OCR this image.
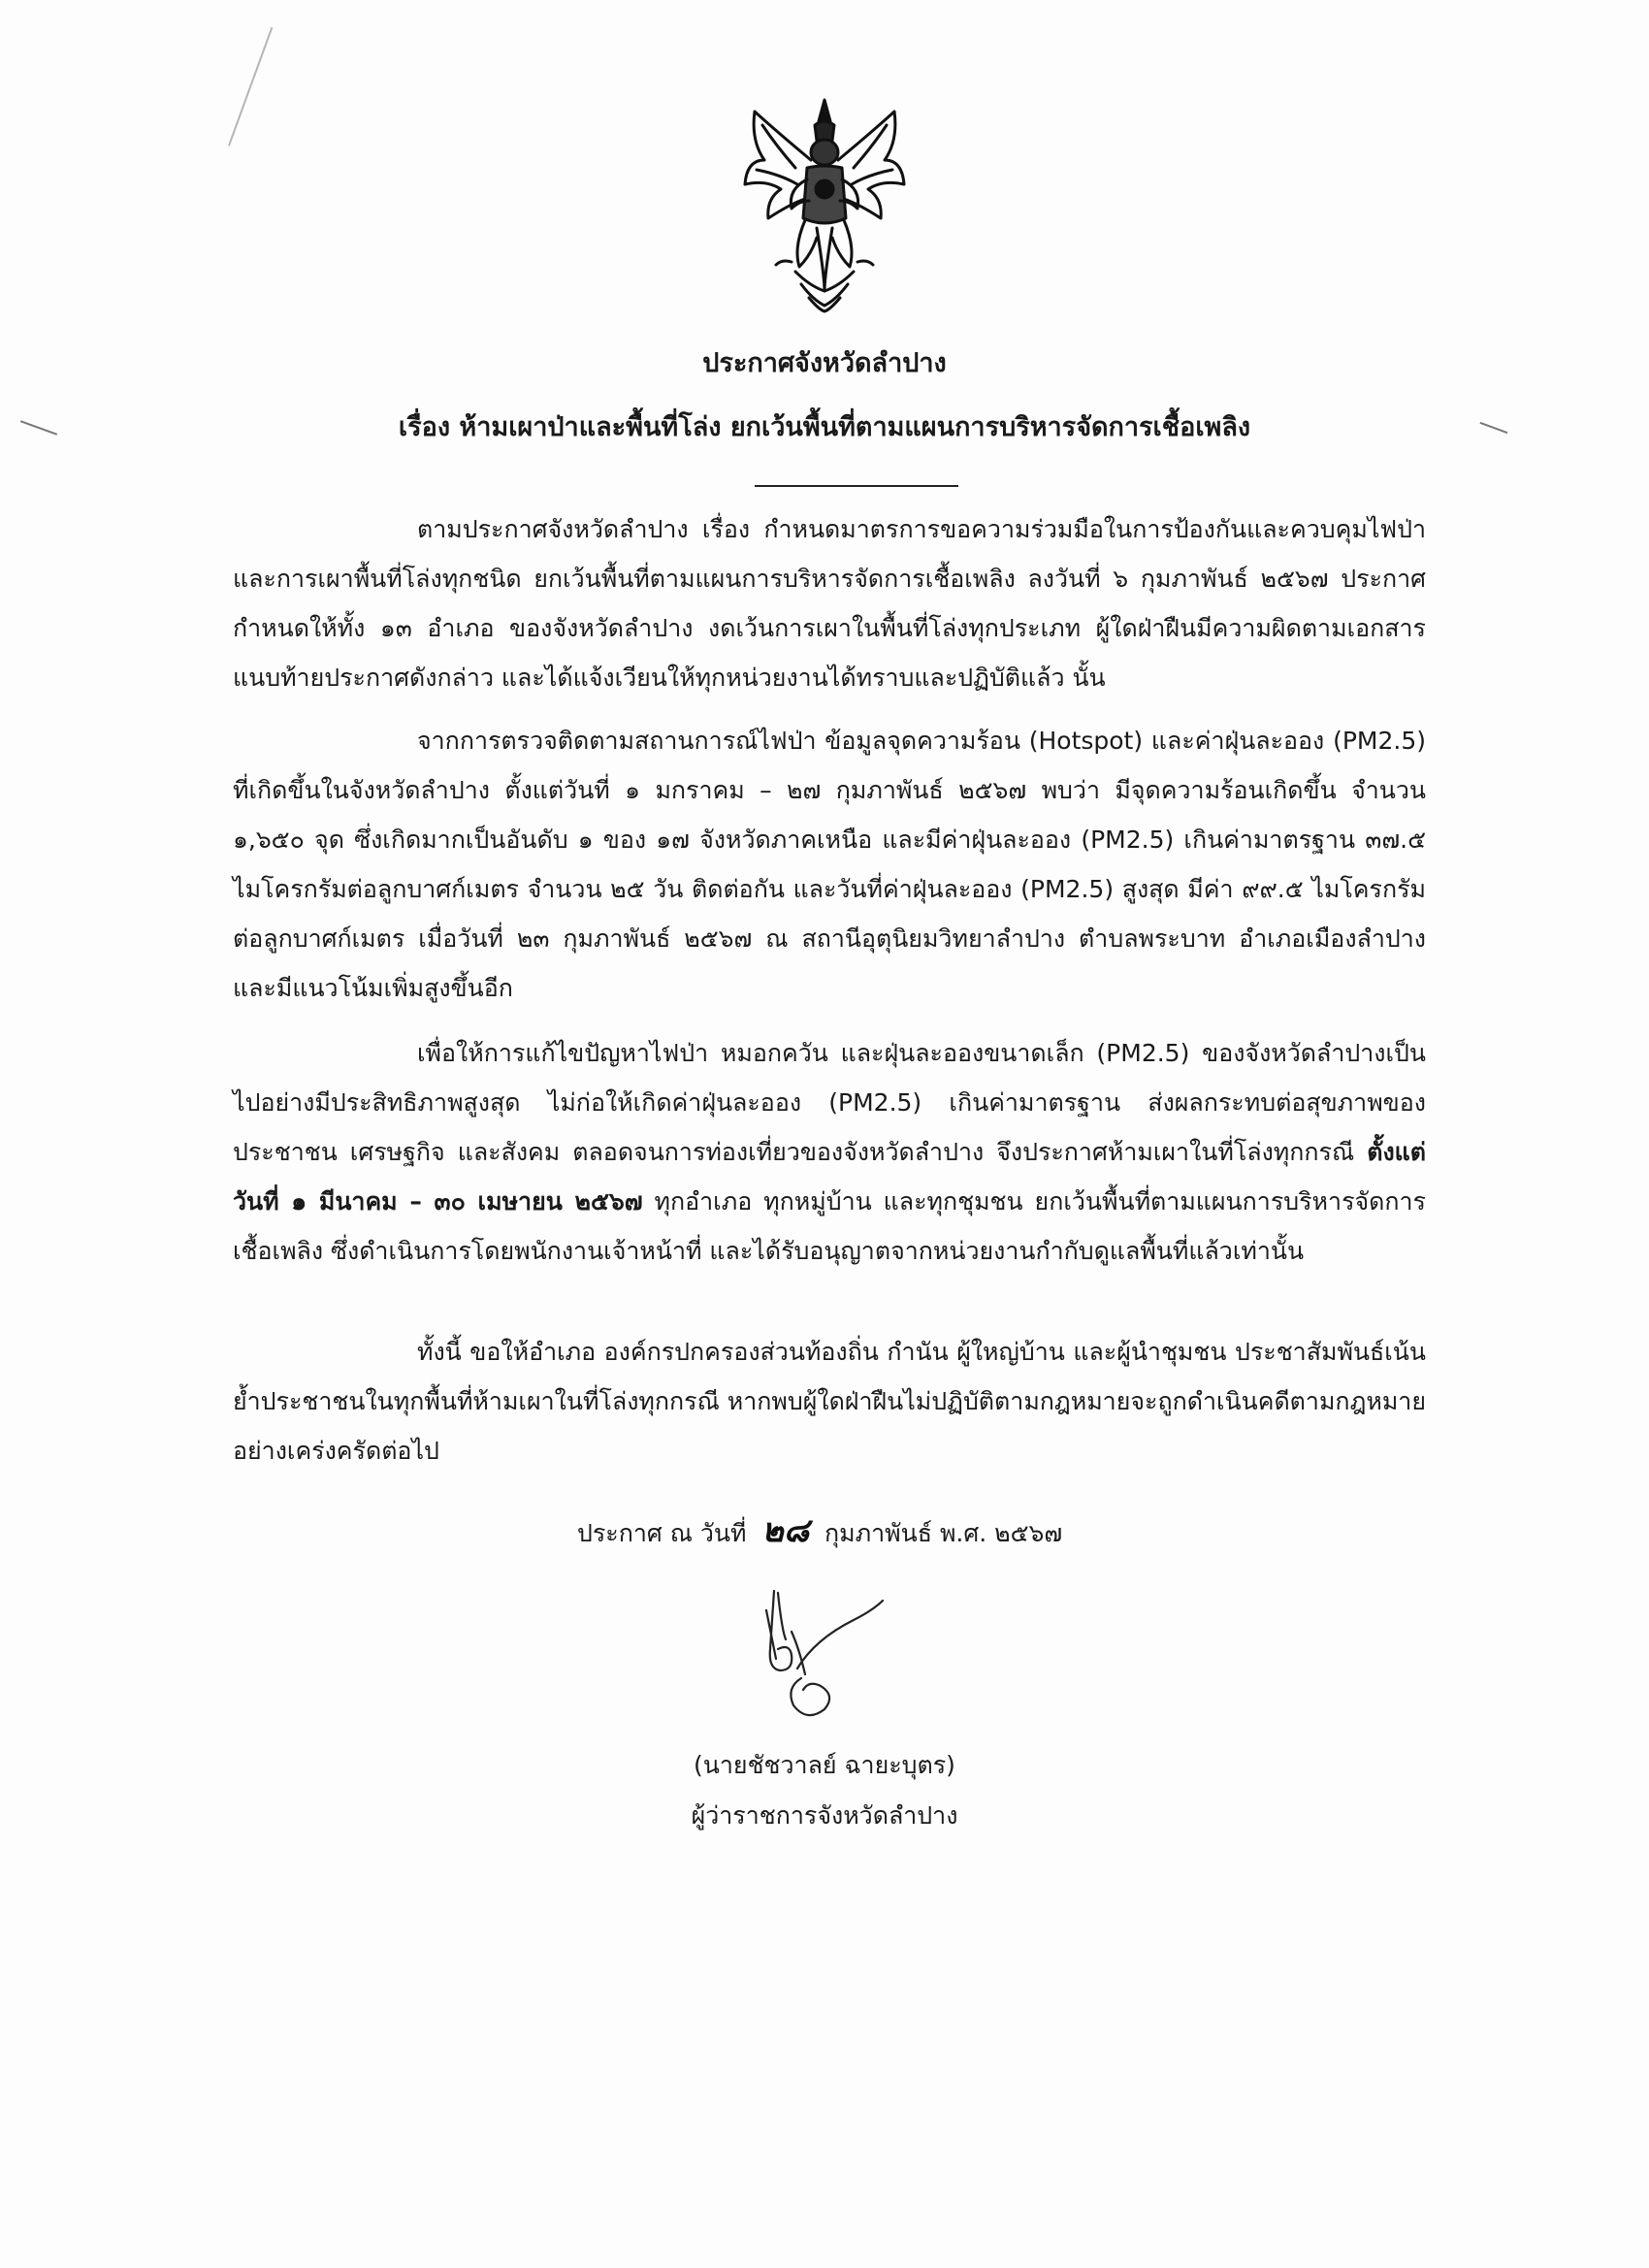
ประกาศจังหวัดลำปาง
เรื่อง ห้ามเผาป่าและพื้นที่โล่ง ยกเว้นพื้นที่ตามแผนการบริหารจัดการเชื้อเพลิง

ตามประกาศจังหวัดลำปาง เรื่อง กำหนดมาตรการขอความร่วมมือในการป้องกันและควบคุมไฟป่าและการเผาพื้นที่โล่งทุกชนิด ยกเว้นพื้นที่ตามแผนการบริหารจัดการเชื้อเพลิง ลงวันที่ ๖ กุมภาพันธ์ ๒๕๖๗ ประกาศกำหนดให้ทั้ง ๑๓ อำเภอ ของจังหวัดลำปาง งดเว้นการเผาในพื้นที่โล่งทุกประเภท ผู้ใดฝ่าฝืนมีความผิดตามเอกสารแนบท้ายประกาศดังกล่าว และได้แจ้งเวียนให้ทุกหน่วยงานได้ทราบและปฏิบัติแล้ว นั้น

จากการตรวจติดตามสถานการณ์ไฟป่า ข้อมูลจุดความร้อน (Hotspot) และค่าฝุ่นละออง (PM2.5) ที่เกิดขึ้นในจังหวัดลำปาง ตั้งแต่วันที่ ๑ มกราคม – ๒๗ กุมภาพันธ์ ๒๕๖๗ พบว่า มีจุดความร้อนเกิดขึ้น จำนวน ๑,๖๕๐ จุด ซึ่งเกิดมากเป็นอันดับ ๑ ของ ๑๗ จังหวัดภาคเหนือ และมีค่าฝุ่นละออง (PM2.5) เกินค่ามาตรฐาน ๓๗.๕ ไมโครกรัมต่อลูกบาศก์เมตร จำนวน ๒๕ วัน ติดต่อกัน และวันที่ค่าฝุ่นละออง (PM2.5) สูงสุด มีค่า ๙๙.๕ ไมโครกรัมต่อลูกบาศก์เมตร เมื่อวันที่ ๒๓ กุมภาพันธ์ ๒๕๖๗ ณ สถานีอุตุนิยมวิทยาลำปาง ตำบลพระบาท อำเภอเมืองลำปาง และมีแนวโน้มเพิ่มสูงขึ้นอีก

เพื่อให้การแก้ไขปัญหาไฟป่า หมอกควัน และฝุ่นละอองขนาดเล็ก (PM2.5) ของจังหวัดลำปางเป็นไปอย่างมีประสิทธิภาพสูงสุด ไม่ก่อให้เกิดค่าฝุ่นละออง (PM2.5) เกินค่ามาตรฐาน ส่งผลกระทบต่อสุขภาพของประชาชน เศรษฐกิจ และสังคม ตลอดจนการท่องเที่ยวของจังหวัดลำปาง จึงประกาศห้ามเผาในที่โล่งทุกกรณี ตั้งแต่วันที่ ๑ มีนาคม – ๓๐ เมษายน ๒๕๖๗ ทุกอำเภอ ทุกหมู่บ้าน และทุกชุมชน ยกเว้นพื้นที่ตามแผนการบริหารจัดการเชื้อเพลิง ซึ่งดำเนินการโดยพนักงานเจ้าหน้าที่ และได้รับอนุญาตจากหน่วยงานกำกับดูแลพื้นที่แล้วเท่านั้น

ทั้งนี้ ขอให้อำเภอ องค์กรปกครองส่วนท้องถิ่น กำนัน ผู้ใหญ่บ้าน และผู้นำชุมชน ประชาสัมพันธ์เน้นย้ำประชาชนในทุกพื้นที่ห้ามเผาในที่โล่งทุกกรณี หากพบผู้ใดฝ่าฝืนไม่ปฏิบัติตามกฎหมายจะถูกดำเนินคดีตามกฎหมายอย่างเคร่งครัดต่อไป

ประกาศ ณ วันที่ ๒๘ กุมภาพันธ์ พ.ศ. ๒๕๖๗
(นายชัชวาลย์ ฉายะบุตร)
ผู้ว่าราชการจังหวัดลำปาง
